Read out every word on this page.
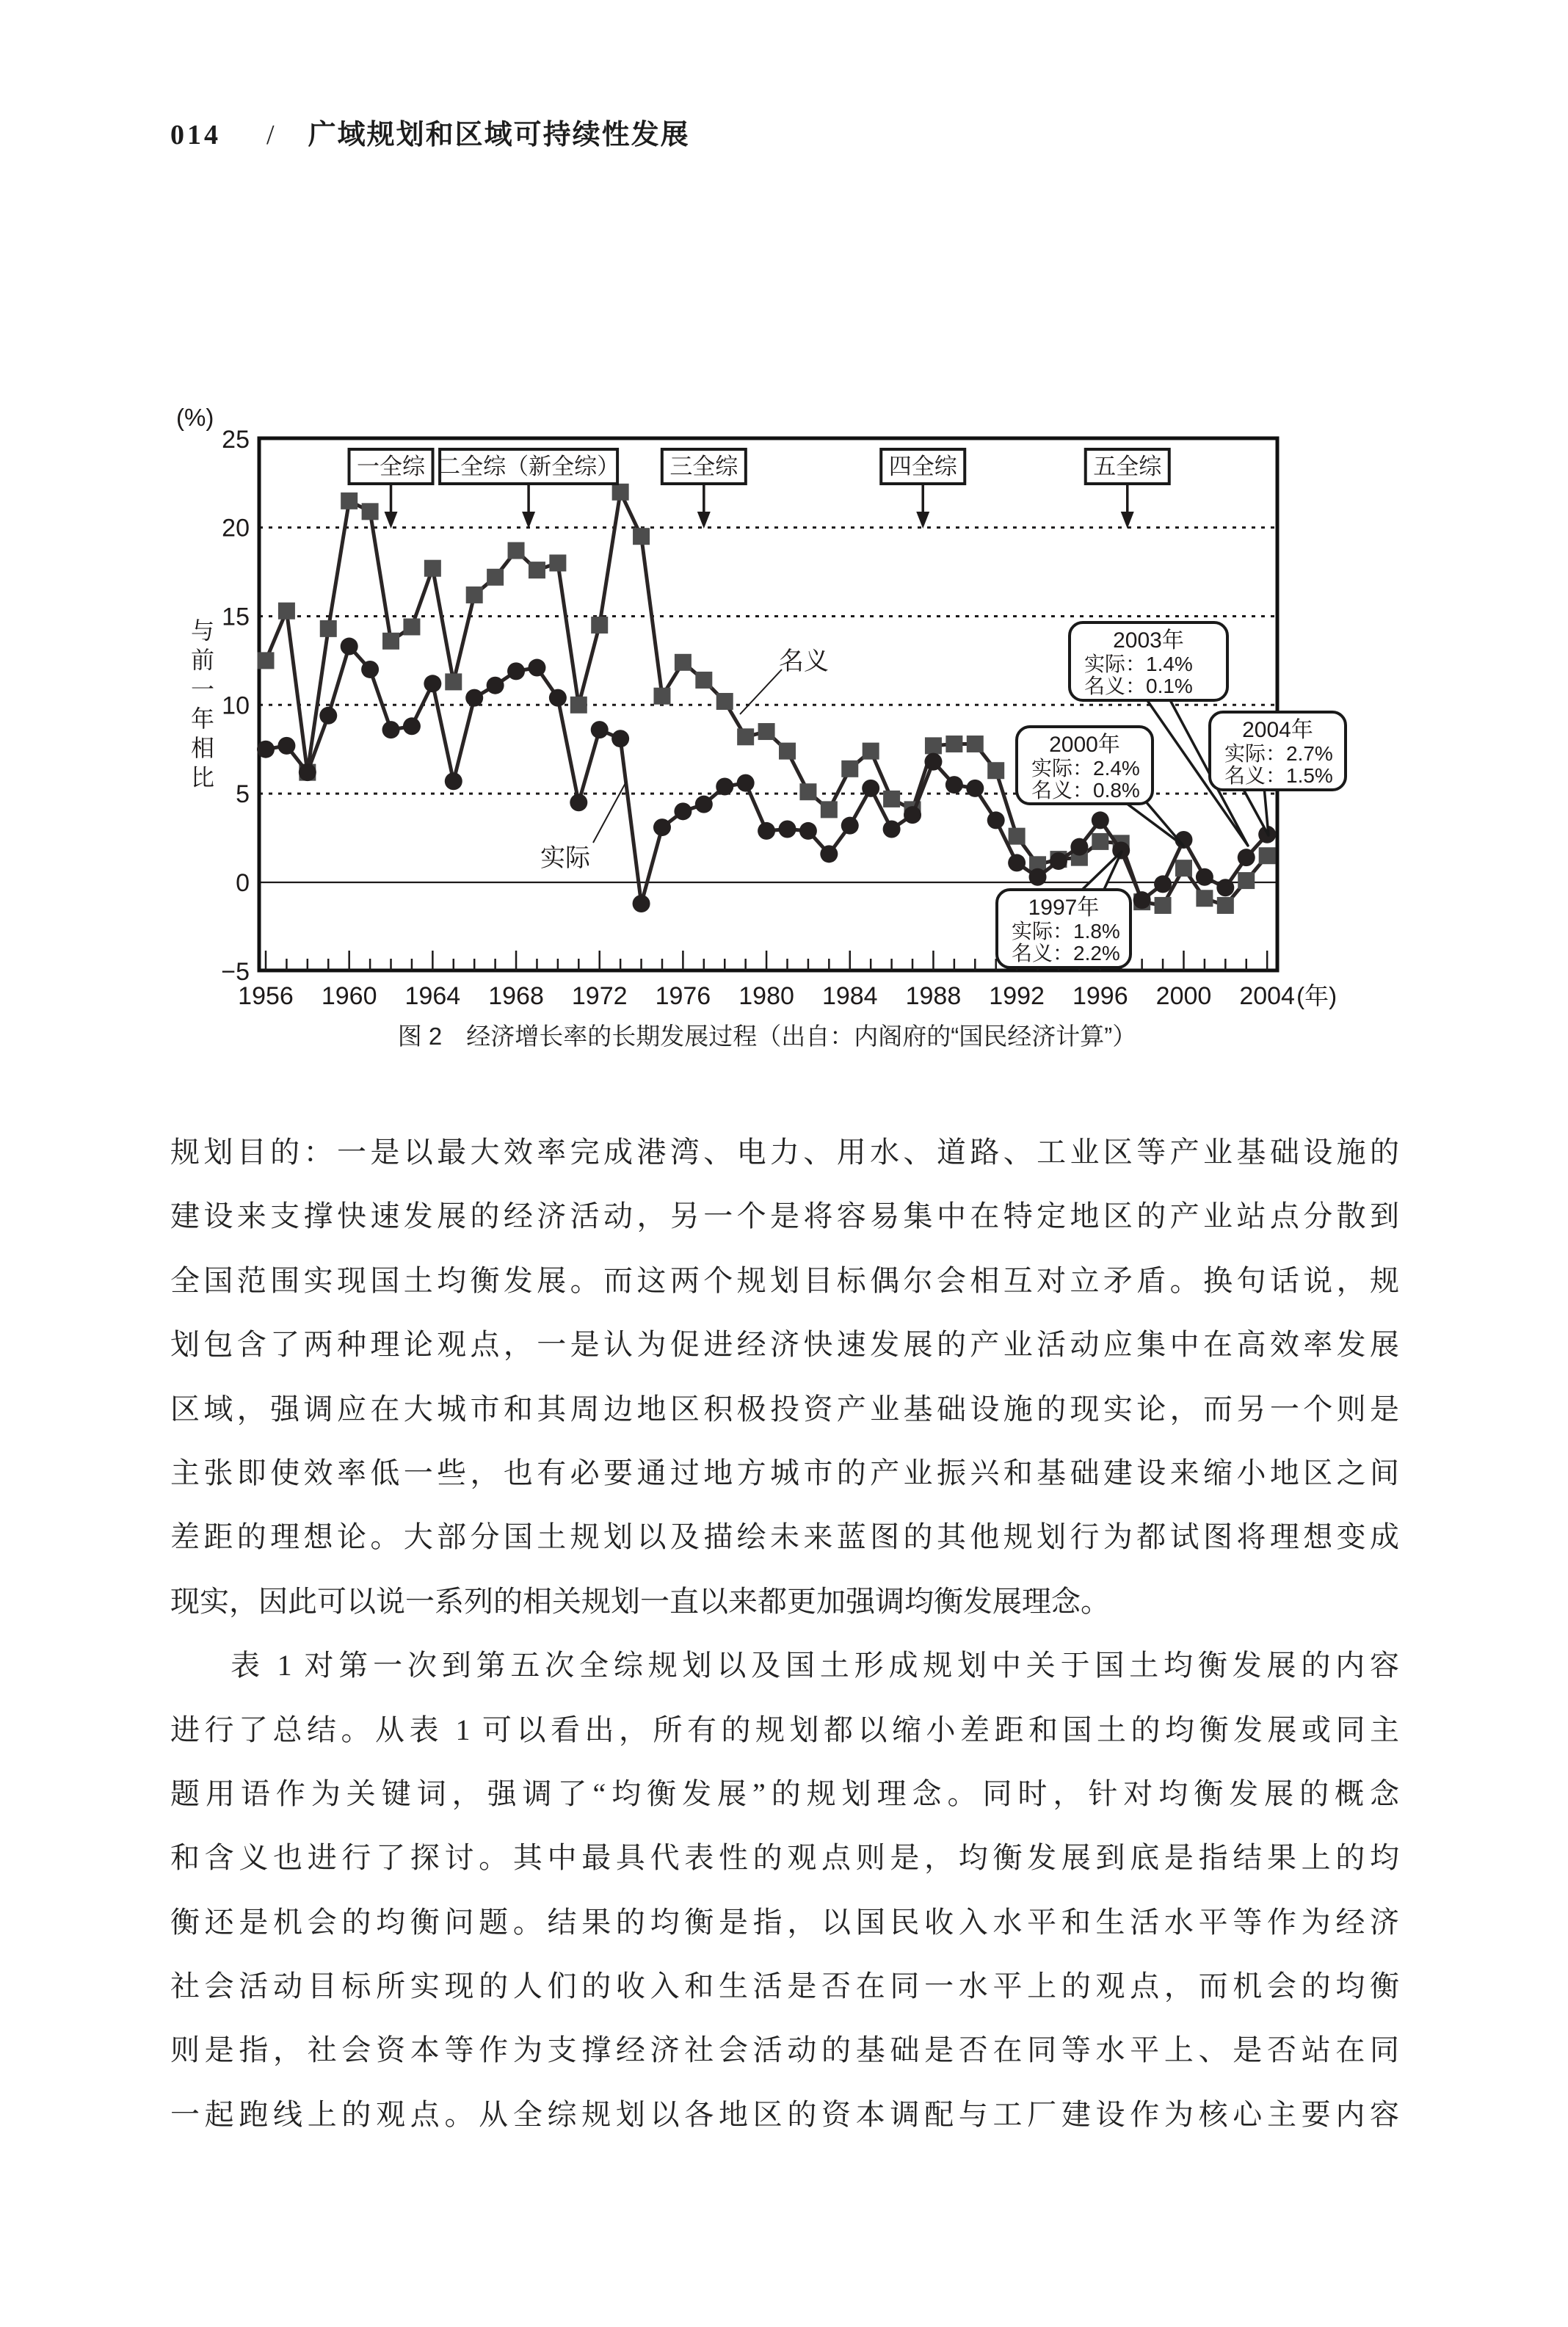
014 / 广域规划和区域可持续性发展
25
20
15
10
5
0
−5
1956 1960 1964 1968 1972 1976 1980 1984 1988 1992 1996 2000 2004 (年)
(%)
与前一年相比
一全综 二全综（新全综） 三全综	四全综	五全综
名义
实际
1997年
实际：1.8%
名义：2.2%
2000年
实际：2.4%
名义：0.8%
2003年
实际：1.4%
名义：0.1%
2004年
实际：2.7%
名义：1.5%
图 2　经济增长率的长期发展过程（出自：内阁府的“国民经济计算”）
规划目的：一是以最大效率完成港湾、电力、用水、道路、工业区等产业基础设施的
建设来支撑快速发展的经济活动，另一个是将容易集中在特定地区的产业站点分散到
全国范围实现国土均衡发展。而这两个规划目标偶尔会相互对立矛盾。换句话说，规
划包含了两种理论观点，一是认为促进经济快速发展的产业活动应集中在高效率发展
区域，强调应在大城市和其周边地区积极投资产业基础设施的现实论，而另一个则是
主张即使效率低一些，也有必要通过地方城市的产业振兴和基础建设来缩小地区之间
差距的理想论。大部分国土规划以及描绘未来蓝图的其他规划行为都试图将理想变成
现实，因此可以说一系列的相关规划一直以来都更加强调均衡发展理念。
表 1 对第一次到第五次全综规划以及国土形成规划中关于国土均衡发展的内容
进行了总结。从表 1 可以看出，所有的规划都以缩小差距和国土的均衡发展或同主
题用语作为关键词，强调了“均衡发展”的规划理念。同时，针对均衡发展的概念
和含义也进行了探讨。其中最具代表性的观点则是，均衡发展到底是指结果上的均
衡还是机会的均衡问题。结果的均衡是指，以国民收入水平和生活水平等作为经济
社会活动目标所实现的人们的收入和生活是否在同一水平上的观点，而机会的均衡
则是指，社会资本等作为支撑经济社会活动的基础是否在同等水平上、是否站在同
一起跑线上的观点。从全综规划以各地区的资本调配与工厂建设作为核心主要内容
